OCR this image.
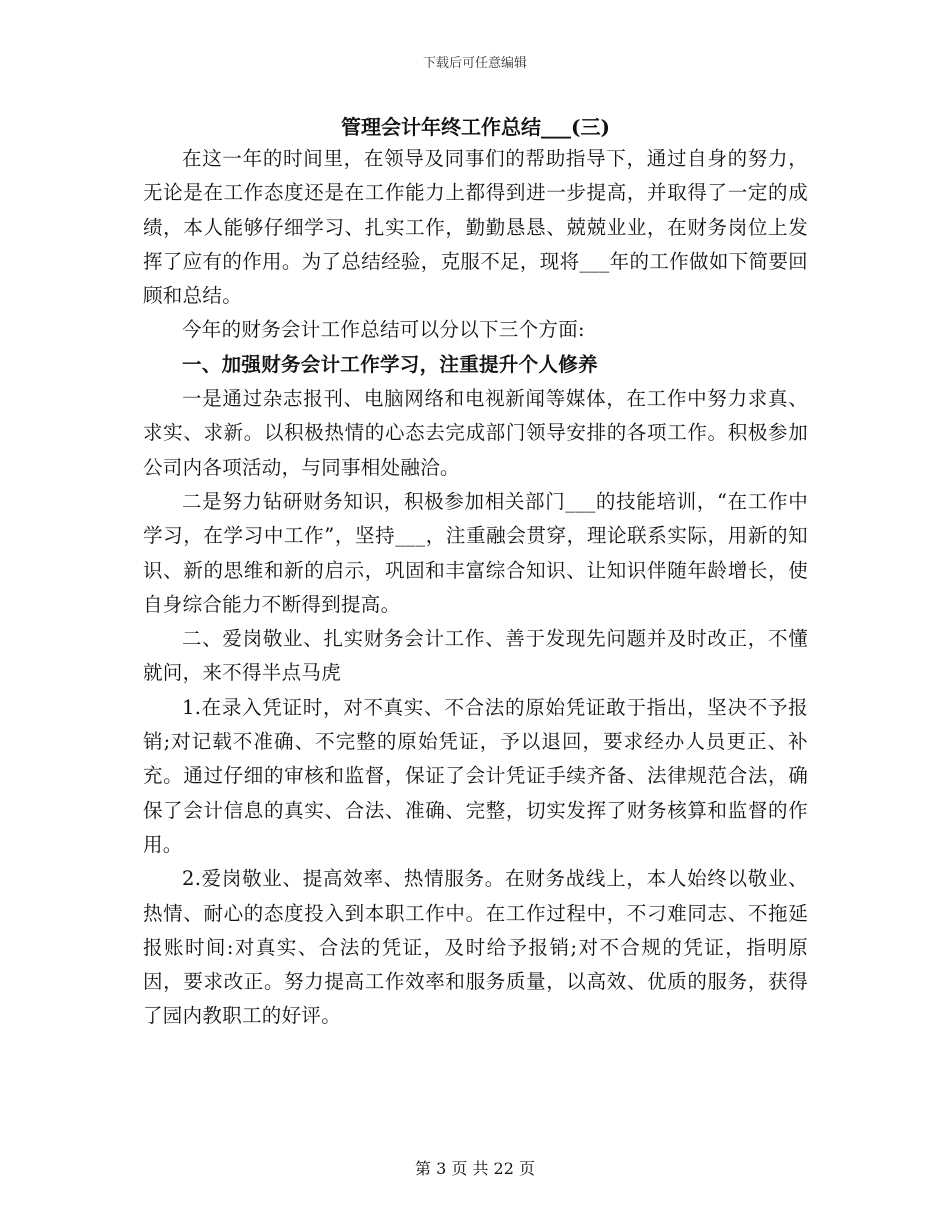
下载后可任意编辑
管理会计年终工作总结___(三)

在这一年的时间里，在领导及同事们的帮助指导下，通过自身的努力，无论是在工作态度还是在工作能力上都得到进一步提高，并取得了一定的成绩，本人能够仔细学习、扎实工作，勤勤恳恳、兢兢业业，在财务岗位上发挥了应有的作用。为了总结经验，克服不足，现将___年的工作做如下简要回顾和总结。

今年的财务会计工作总结可以分以下三个方面:

一、加强财务会计工作学习，注重提升个人修养

一是通过杂志报刊、电脑网络和电视新闻等媒体，在工作中努力求真、求实、求新。以积极热情的心态去完成部门领导安排的各项工作。积极参加公司内各项活动，与同事相处融洽。

二是努力钻研财务知识，积极参加相关部门___的技能培训，“在工作中学习，在学习中工作”，坚持___，注重融会贯穿，理论联系实际，用新的知识、新的思维和新的启示，巩固和丰富综合知识、让知识伴随年龄增长，使自身综合能力不断得到提高。

二、爱岗敬业、扎实财务会计工作、善于发现先问题并及时改正，不懂就问，来不得半点马虎

1.在录入凭证时，对不真实、不合法的原始凭证敢于指出，坚决不予报销;对记载不准确、不完整的原始凭证，予以退回，要求经办人员更正、补充。通过仔细的审核和监督，保证了会计凭证手续齐备、法律规范合法，确保了会计信息的真实、合法、准确、完整，切实发挥了财务核算和监督的作用。

2.爱岗敬业、提高效率、热情服务。在财务战线上，本人始终以敬业、热情、耐心的态度投入到本职工作中。在工作过程中，不刁难同志、不拖延报账时间:对真实、合法的凭证，及时给予报销;对不合规的凭证，指明原因，要求改正。努力提高工作效率和服务质量，以高效、优质的服务，获得了园内教职工的好评。

第 3 页 共 22 页
